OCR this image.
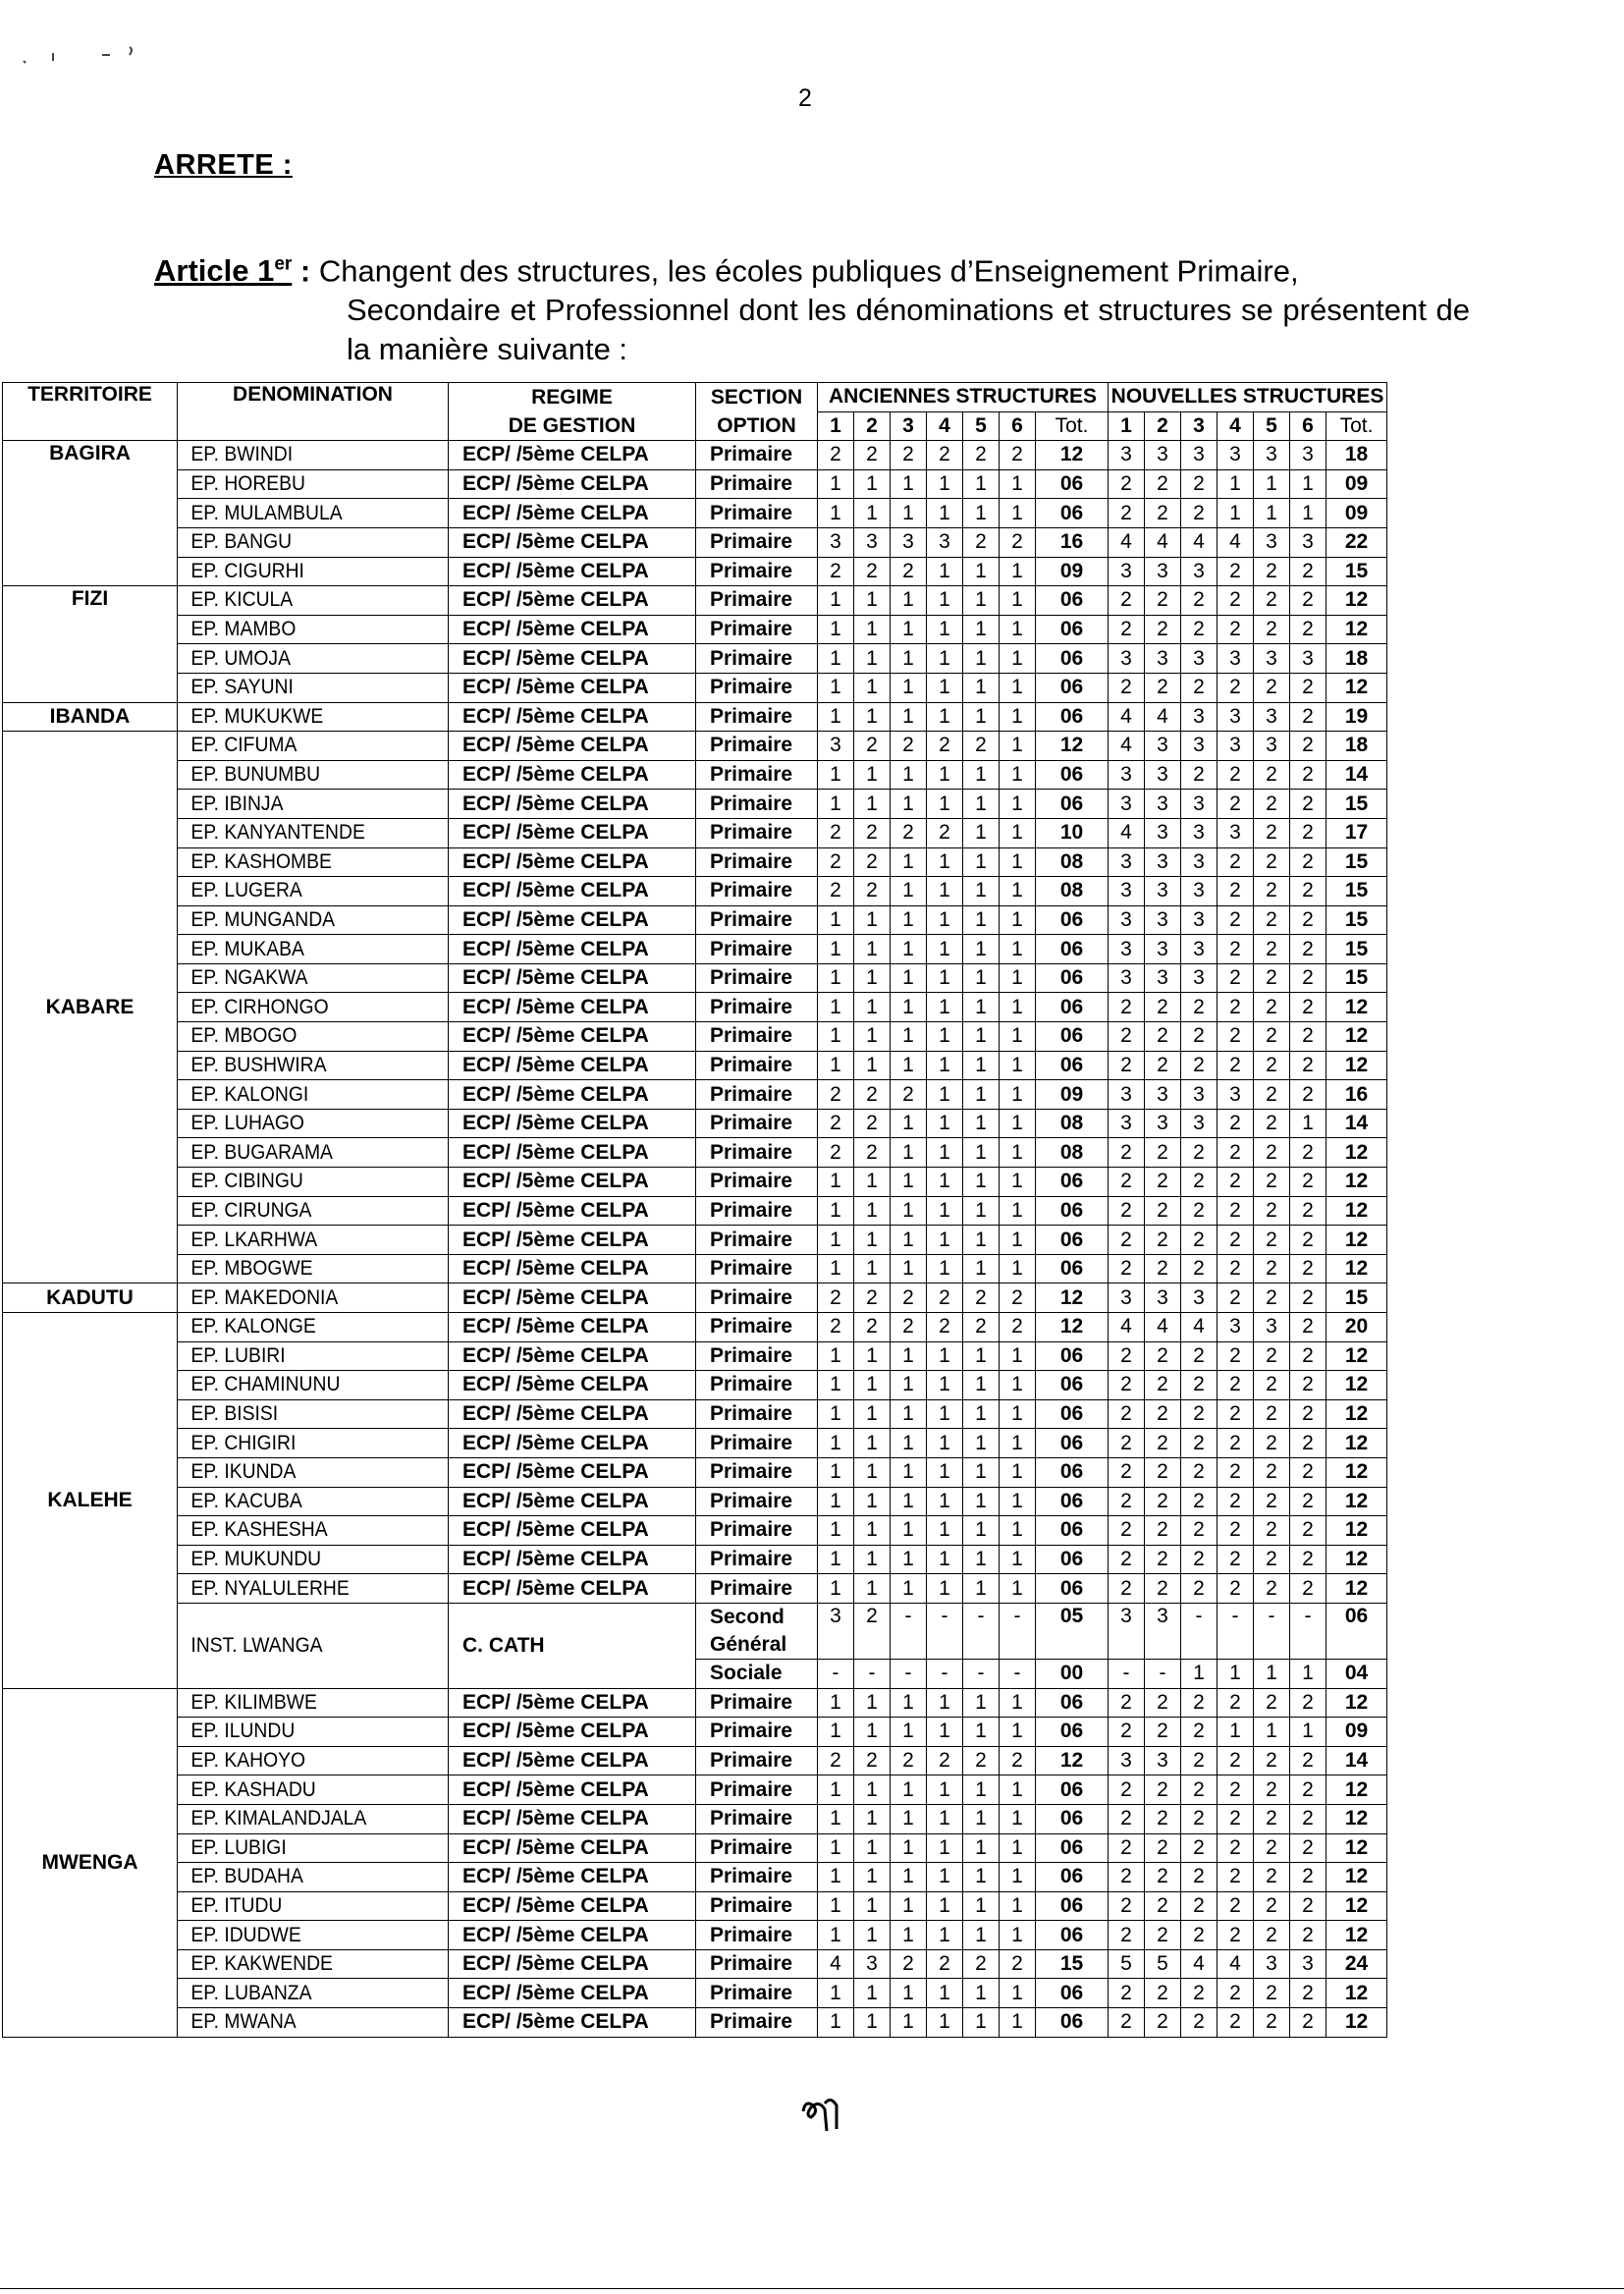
2
ARRETE :
Article 1er : Changent des structures, les écoles publiques d’Enseignement Primaire,
Secondaire et Professionnel dont les dénominations et structures se présentent de la manière suivante :
TERRITOIRE	DENOMINATION	REGIME	SECTION	ANCIENNES STRUCTURES							NOUVELLES STRUCTURES						
		DE GESTION	OPTION	1	2	3	4	5	6	Tot.	1	2	3	4	5	6	Tot.
BAGIRA	EP. BWINDI	ECP/ /5ème CELPA	Primaire	2	2	2	2	2	2	12	3	3	3	3	3	3	18
	EP. HOREBU	ECP/ /5ème CELPA	Primaire	1	1	1	1	1	1	06	2	2	2	1	1	1	09
	EP. MULAMBULA	ECP/ /5ème CELPA	Primaire	1	1	1	1	1	1	06	2	2	2	1	1	1	09
	EP. BANGU	ECP/ /5ème CELPA	Primaire	3	3	3	3	2	2	16	4	4	4	4	3	3	22
	EP. CIGURHI	ECP/ /5ème CELPA	Primaire	2	2	2	1	1	1	09	3	3	3	2	2	2	15
FIZI	EP. KICULA	ECP/ /5ème CELPA	Primaire	1	1	1	1	1	1	06	2	2	2	2	2	2	12
	EP. MAMBO	ECP/ /5ème CELPA	Primaire	1	1	1	1	1	1	06	2	2	2	2	2	2	12
	EP. UMOJA	ECP/ /5ème CELPA	Primaire	1	1	1	1	1	1	06	3	3	3	3	3	3	18
	EP. SAYUNI	ECP/ /5ème CELPA	Primaire	1	1	1	1	1	1	06	2	2	2	2	2	2	12
IBANDA	EP. MUKUKWE	ECP/ /5ème CELPA	Primaire	1	1	1	1	1	1	06	4	4	3	3	3	2	19
KABARE	EP. CIFUMA	ECP/ /5ème CELPA	Primaire	3	2	2	2	2	1	12	4	3	3	3	3	2	18
	EP. BUNUMBU	ECP/ /5ème CELPA	Primaire	1	1	1	1	1	1	06	3	3	2	2	2	2	14
	EP. IBINJA	ECP/ /5ème CELPA	Primaire	1	1	1	1	1	1	06	3	3	3	2	2	2	15
	EP. KANYANTENDE	ECP/ /5ème CELPA	Primaire	2	2	2	2	1	1	10	4	3	3	3	2	2	17
	EP. KASHOMBE	ECP/ /5ème CELPA	Primaire	2	2	1	1	1	1	08	3	3	3	2	2	2	15
	EP. LUGERA	ECP/ /5ème CELPA	Primaire	2	2	1	1	1	1	08	3	3	3	2	2	2	15
	EP. MUNGANDA	ECP/ /5ème CELPA	Primaire	1	1	1	1	1	1	06	3	3	3	2	2	2	15
	EP. MUKABA	ECP/ /5ème CELPA	Primaire	1	1	1	1	1	1	06	3	3	3	2	2	2	15
	EP. NGAKWA	ECP/ /5ème CELPA	Primaire	1	1	1	1	1	1	06	3	3	3	2	2	2	15
	EP. CIRHONGO	ECP/ /5ème CELPA	Primaire	1	1	1	1	1	1	06	2	2	2	2	2	2	12
	EP. MBOGO	ECP/ /5ème CELPA	Primaire	1	1	1	1	1	1	06	2	2	2	2	2	2	12
	EP. BUSHWIRA	ECP/ /5ème CELPA	Primaire	1	1	1	1	1	1	06	2	2	2	2	2	2	12
	EP. KALONGI	ECP/ /5ème CELPA	Primaire	2	2	2	1	1	1	09	3	3	3	3	2	2	16
	EP. LUHAGO	ECP/ /5ème CELPA	Primaire	2	2	1	1	1	1	08	3	3	3	2	2	1	14
	EP. BUGARAMA	ECP/ /5ème CELPA	Primaire	2	2	1	1	1	1	08	2	2	2	2	2	2	12
	EP. CIBINGU	ECP/ /5ème CELPA	Primaire	1	1	1	1	1	1	06	2	2	2	2	2	2	12
	EP. CIRUNGA	ECP/ /5ème CELPA	Primaire	1	1	1	1	1	1	06	2	2	2	2	2	2	12
	EP. LKARHWA	ECP/ /5ème CELPA	Primaire	1	1	1	1	1	1	06	2	2	2	2	2	2	12
	EP. MBOGWE	ECP/ /5ème CELPA	Primaire	1	1	1	1	1	1	06	2	2	2	2	2	2	12
KADUTU	EP. MAKEDONIA	ECP/ /5ème CELPA	Primaire	2	2	2	2	2	2	12	3	3	3	2	2	2	15
KALEHE	EP. KALONGE	ECP/ /5ème CELPA	Primaire	2	2	2	2	2	2	12	4	4	4	3	3	2	20
	EP. LUBIRI	ECP/ /5ème CELPA	Primaire	1	1	1	1	1	1	06	2	2	2	2	2	2	12
	EP. CHAMINUNU	ECP/ /5ème CELPA	Primaire	1	1	1	1	1	1	06	2	2	2	2	2	2	12
	EP. BISISI	ECP/ /5ème CELPA	Primaire	1	1	1	1	1	1	06	2	2	2	2	2	2	12
	EP. CHIGIRI	ECP/ /5ème CELPA	Primaire	1	1	1	1	1	1	06	2	2	2	2	2	2	12
	EP. IKUNDA	ECP/ /5ème CELPA	Primaire	1	1	1	1	1	1	06	2	2	2	2	2	2	12
	EP. KACUBA	ECP/ /5ème CELPA	Primaire	1	1	1	1	1	1	06	2	2	2	2	2	2	12
	EP. KASHESHA	ECP/ /5ème CELPA	Primaire	1	1	1	1	1	1	06	2	2	2	2	2	2	12
	EP. MUKUNDU	ECP/ /5ème CELPA	Primaire	1	1	1	1	1	1	06	2	2	2	2	2	2	12
	EP. NYALULERHE	ECP/ /5ème CELPA	Primaire	1	1	1	1	1	1	06	2	2	2	2	2	2	12
	INST. LWANGA	C. CATH	Second
Général	3	2	-	-	-	-	05	3	3	-	-	-	-	06
			Sociale	-	-	-	-	-	-	00	-	-	1	1	1	1	04
MWENGA	EP. KILIMBWE	ECP/ /5ème CELPA	Primaire	1	1	1	1	1	1	06	2	2	2	2	2	2	12
	EP. ILUNDU	ECP/ /5ème CELPA	Primaire	1	1	1	1	1	1	06	2	2	2	1	1	1	09
	EP. KAHOYO	ECP/ /5ème CELPA	Primaire	2	2	2	2	2	2	12	3	3	2	2	2	2	14
	EP. KASHADU	ECP/ /5ème CELPA	Primaire	1	1	1	1	1	1	06	2	2	2	2	2	2	12
	EP. KIMALANDJALA	ECP/ /5ème CELPA	Primaire	1	1	1	1	1	1	06	2	2	2	2	2	2	12
	EP. LUBIGI	ECP/ /5ème CELPA	Primaire	1	1	1	1	1	1	06	2	2	2	2	2	2	12
	EP. BUDAHA	ECP/ /5ème CELPA	Primaire	1	1	1	1	1	1	06	2	2	2	2	2	2	12
	EP. ITUDU	ECP/ /5ème CELPA	Primaire	1	1	1	1	1	1	06	2	2	2	2	2	2	12
	EP. IDUDWE	ECP/ /5ème CELPA	Primaire	1	1	1	1	1	1	06	2	2	2	2	2	2	12
	EP. KAKWENDE	ECP/ /5ème CELPA	Primaire	4	3	2	2	2	2	15	5	5	4	4	3	3	24
	EP. LUBANZA	ECP/ /5ème CELPA	Primaire	1	1	1	1	1	1	06	2	2	2	2	2	2	12
	EP. MWANA	ECP/ /5ème CELPA	Primaire	1	1	1	1	1	1	06	2	2	2	2	2	2	12
